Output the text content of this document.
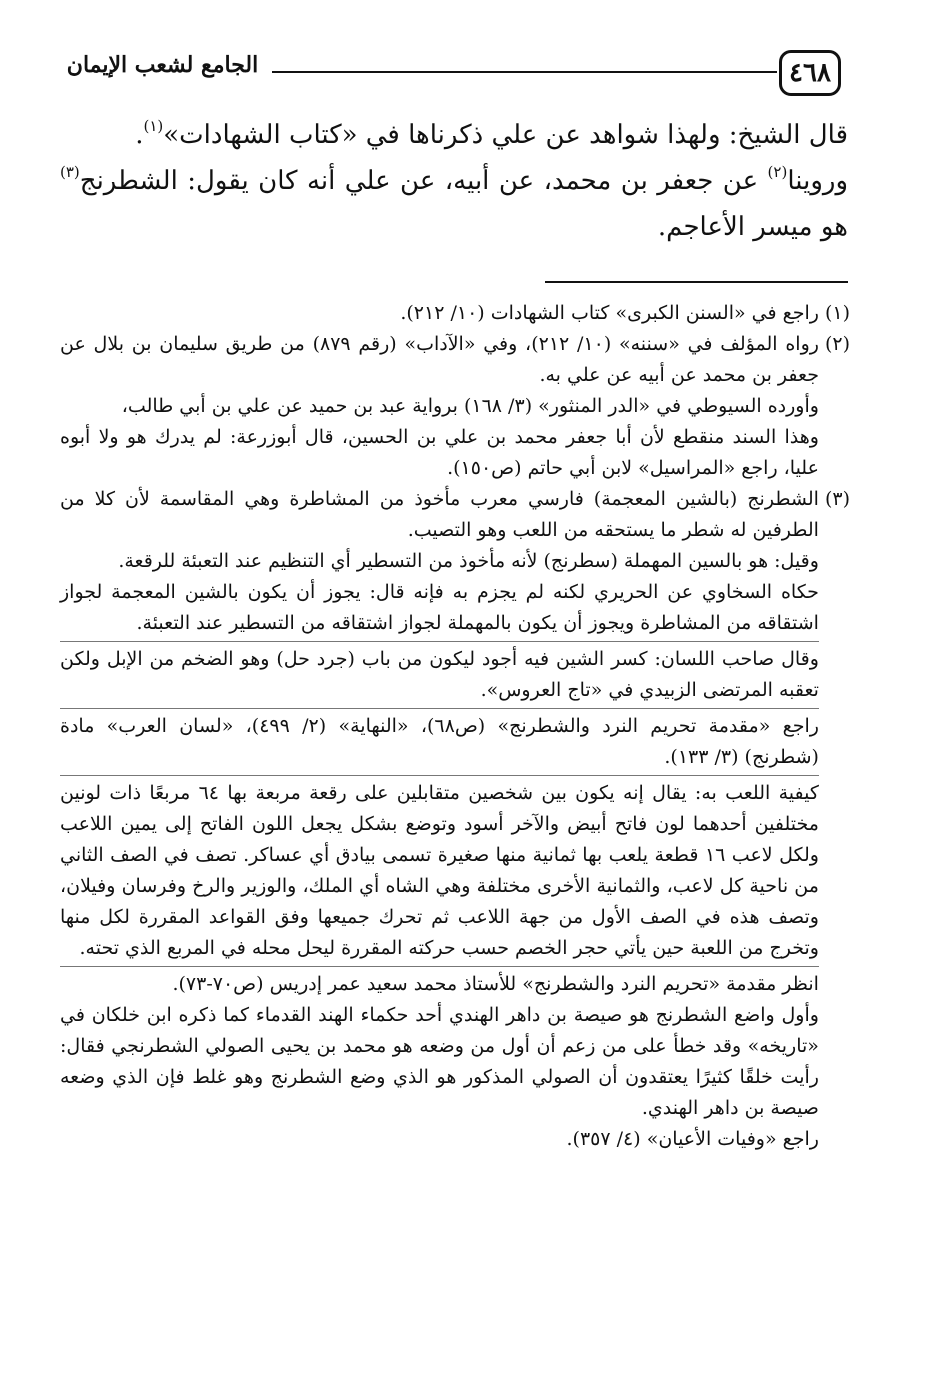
٤٦٨
الجامع لشعب الإيمان

قال الشيخ: ولهذا شواهد عن علي ذكرناها في «كتاب الشهادات»$^{(١)}$.

وروينا$^{(٢)}$ عن جعفر بن محمد، عن أبيه، عن علي أنه كان يقول: الشطرنج$^{(٣)}$ هو ميسر الأعاجم.

(١)

راجع في «السنن الكبرى» كتاب الشهادات (١٠/ ٢١٢).

(٢)

رواه المؤلف في «سننه» (١٠/ ٢١٢)، وفي «الآداب» (رقم ٨٧٩) من طريق سليمان بن بلال عن جعفر بن محمد عن أبيه عن علي به.

وأورده السيوطي في «الدر المنثور» (٣/ ١٦٨) برواية عبد بن حميد عن علي بن أبي طالب،

وهذا السند منقطع لأن أبا جعفر محمد بن علي بن الحسين، قال أبوزرعة: لم يدرك هو ولا أبوه عليا، راجع «المراسيل» لابن أبي حاتم (ص١٥٠).

(٣)

الشطرنج (بالشين المعجمة) فارسي معرب مأخوذ من المشاطرة وهي المقاسمة لأن كلا من الطرفين له شطر ما يستحقه من اللعب وهو التصيب.

وقيل: هو بالسين المهملة (سطرنج) لأنه مأخوذ من التسطير أي التنظيم عند التعبئة للرقعة.

حكاه السخاوي عن الحريري لكنه لم يجزم به فإنه قال: يجوز أن يكون بالشين المعجمة لجواز اشتقاقه من المشاطرة ويجوز أن يكون بالمهملة لجواز اشتقاقه من التسطير عند التعبئة.

وقال صاحب اللسان: كسر الشين فيه أجود ليكون من باب (جرد حل) وهو الضخم من الإبل ولكن تعقبه المرتضى الزبيدي في «تاج العروس».

راجع «مقدمة تحريم النرد والشطرنج» (ص٦٨)، «النهاية» (٢/ ٤٩٩)، «لسان العرب» مادة (شطرنج) (٣/ ١٣٣).

كيفية اللعب به: يقال إنه يكون بين شخصين متقابلين على رقعة مربعة بها ٦٤ مربعًا ذات لونين مختلفين أحدهما لون فاتح أبيض والآخر أسود وتوضع بشكل يجعل اللون الفاتح إلى يمين اللاعب ولكل لاعب ١٦ قطعة يلعب بها ثمانية منها صغيرة تسمى بيادق أي عساكر. تصف في الصف الثاني من ناحية كل لاعب، والثمانية الأخرى مختلفة وهي الشاه أي الملك، والوزير والرخ وفرسان وفيلان، وتصف هذه في الصف الأول من جهة اللاعب ثم تحرك جميعها وفق القواعد المقررة لكل منها وتخرج من اللعبة حين يأتي حجر الخصم حسب حركته المقررة ليحل محله في المربع الذي تحته.

انظر مقدمة «تحريم النرد والشطرنج» للأستاذ محمد سعيد عمر إدريس (ص٧٠-٧٣).

وأول واضع الشطرنج هو صيصة بن داهر الهندي أحد حكماء الهند القدماء كما ذكره ابن خلكان في «تاريخه» وقد خطأ على من زعم أن أول من وضعه هو محمد بن يحيى الصولي الشطرنجي فقال: رأيت خلقًا كثيرًا يعتقدون أن الصولي المذكور هو الذي وضع الشطرنج وهو غلط فإن الذي وضعه صيصة بن داهر الهندي.

راجع «وفيات الأعيان» (٤/ ٣٥٧).
